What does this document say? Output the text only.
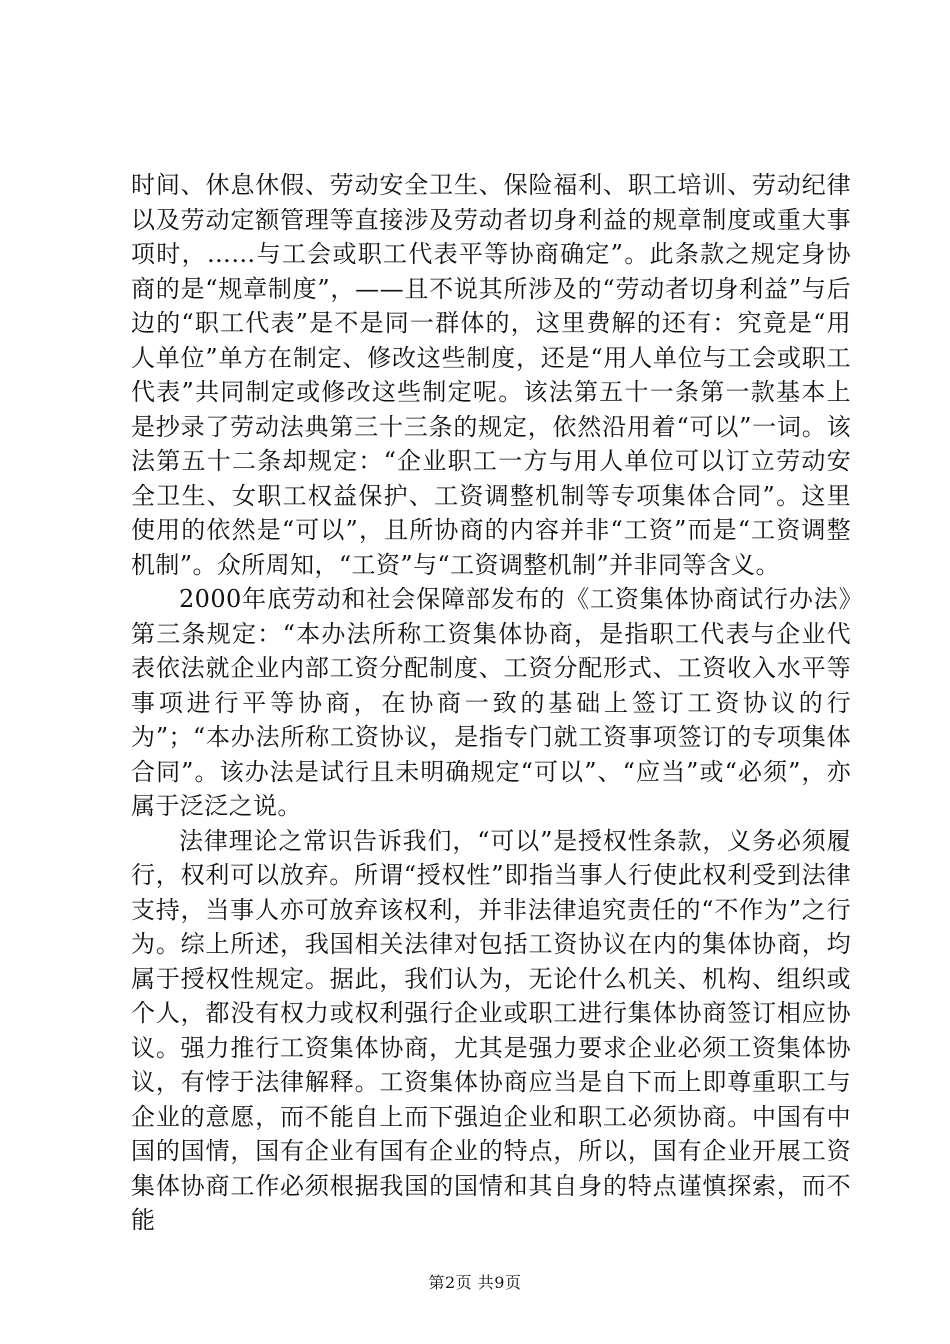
时间、休息休假、劳动安全卫生、保险福利、职工培训、劳动纪律以及劳动定额管理等直接涉及劳动者切身利益的规章制度或重大事项时，……与工会或职工代表平等协商确定”。此条款之规定身协商的是“规章制度”，——且不说其所涉及的“劳动者切身利益”与后边的“职工代表”是不是同一群体的，这里费解的还有：究竟是“用人单位”单方在制定、修改这些制度，还是“用人单位与工会或职工代表”共同制定或修改这些制定呢。该法第五十一条第一款基本上是抄录了劳动法典第三十三条的规定，依然沿用着“可以”一词。该法第五十二条却规定：“企业职工一方与用人单位可以订立劳动安全卫生、女职工权益保护、工资调整机制等专项集体合同”。这里使用的依然是“可以”，且所协商的内容并非“工资”而是“工资调整机制”。众所周知，“工资”与“工资调整机制”并非同等含义。

2000年底劳动和社会保障部发布的《工资集体协商试行办法》第三条规定：“本办法所称工资集体协商，是指职工代表与企业代表依法就企业内部工资分配制度、工资分配形式、工资收入水平等事项进行平等协商，在协商一致的基础上签订工资协议的行为”；“本办法所称工资协议，是指专门就工资事项签订的专项集体合同”。该办法是试行且未明确规定“可以”、“应当”或“必须”，亦属于泛泛之说。

法律理论之常识告诉我们，“可以”是授权性条款，义务必须履行，权利可以放弃。所谓“授权性”即指当事人行使此权利受到法律支持，当事人亦可放弃该权利，并非法律追究责任的“不作为”之行为。综上所述，我国相关法律对包括工资协议在内的集体协商，均属于授权性规定。据此，我们认为，无论什么机关、机构、组织或个人，都没有权力或权利强行企业或职工进行集体协商签订相应协议。强力推行工资集体协商，尤其是强力要求企业必须工资集体协议，有悖于法律解释。工资集体协商应当是自下而上即尊重职工与企业的意愿，而不能自上而下强迫企业和职工必须协商。中国有中国的国情，国有企业有国有企业的特点，所以，国有企业开展工资集体协商工作必须根据我国的国情和其自身的特点谨慎探索，而不能

第2页 共9页
